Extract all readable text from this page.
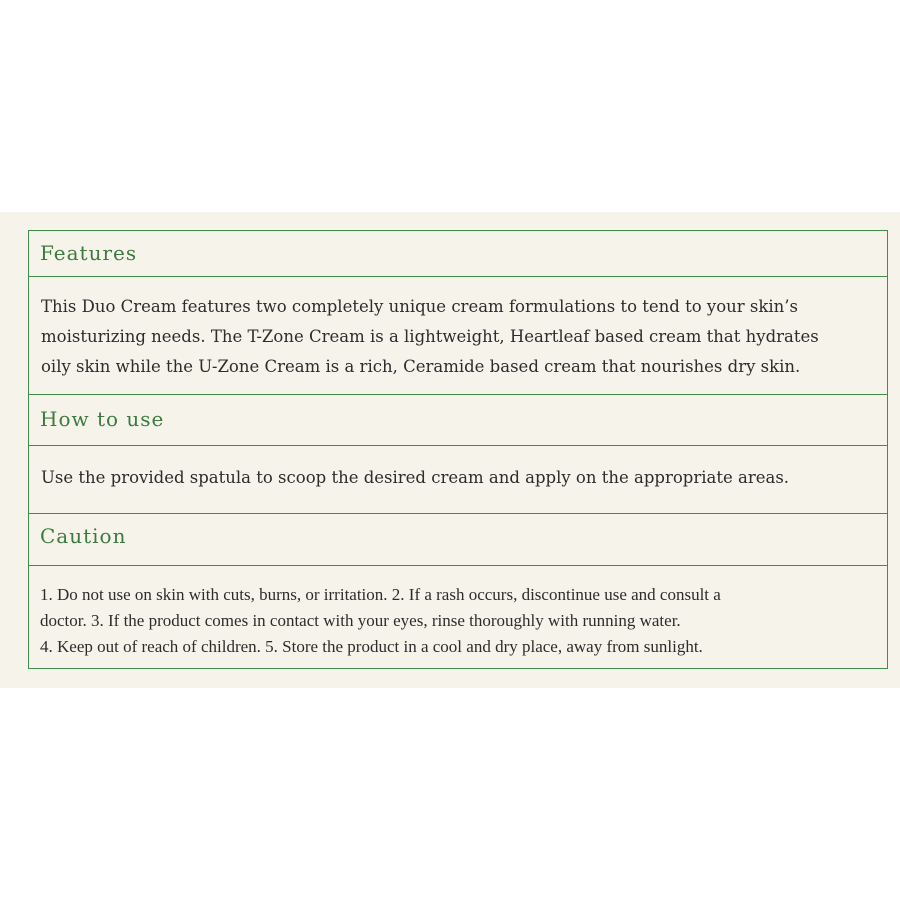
Features
This Duo Cream features two completely unique cream formulations to tend to your skin’s
moisturizing needs. The T-Zone Cream is a lightweight, Heartleaf based cream that hydrates
oily skin while the U-Zone Cream is a rich, Ceramide based cream that nourishes dry skin.
How to use
Use the provided spatula to scoop the desired cream and apply on the appropriate areas.
Caution
1. Do not use on skin with cuts, burns, or irritation. 2. If a rash occurs, discontinue use and consult a
doctor. 3. If the product comes in contact with your eyes, rinse thoroughly with running water.
4. Keep out of reach of children. 5. Store the product in a cool and dry place, away from sunlight.
